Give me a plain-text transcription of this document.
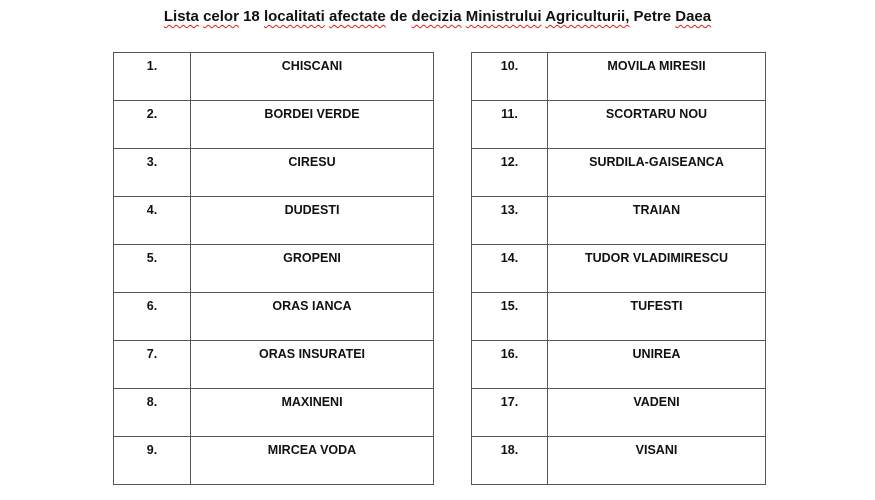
Lista celor 18 localitati afectate de decizia Ministrului Agriculturii, Petre Daea
1.	CHISCANI

2.	BORDEI VERDE

3.	CIRESU

4.	DUDESTI

5.	GROPENI

6.	ORAS IANCA

7.	ORAS INSURATEI

8.	MAXINENI

9.	MIRCEA VODA
10.	MOVILA MIRESII

11.	SCORTARU NOU

12.	SURDILA-GAISEANCA

13.	TRAIAN

14.	TUDOR VLADIMIRESCU

15.	TUFESTI

16.	UNIREA

17.	VADENI

18.	VISANI
